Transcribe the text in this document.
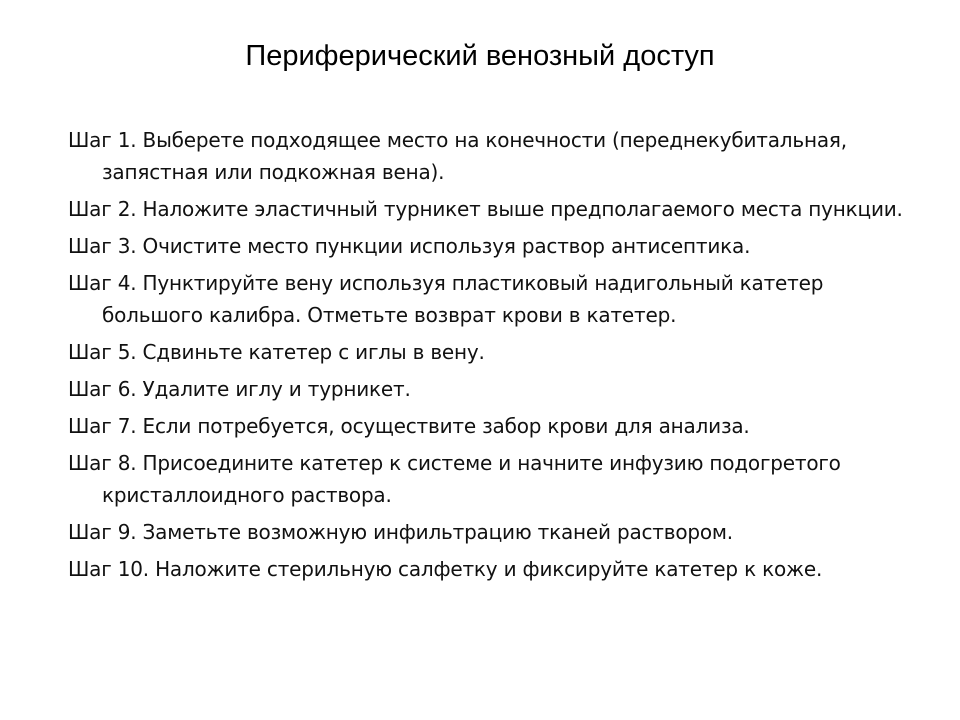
Периферический венозный доступ
Шаг 1. Выберете подходящее место на конечности (переднекубитальная, запястная или подкожная вена).
Шаг 2. Наложите эластичный турникет выше предполагаемого места пункции.
Шаг 3. Очистите место пункции используя раствор антисептика.
Шаг 4. Пунктируйте вену используя пластиковый надигольный катетер большого калибра. Отметьте возврат крови в катетер.
Шаг 5. Сдвиньте катетер с иглы в вену.
Шаг 6. Удалите иглу и турникет.
Шаг 7. Если потребуется, осуществите забор крови для анализа.
Шаг 8. Присоедините катетер к системе и начните инфузию подогретого кристаллоидного раствора.
Шаг 9. Заметьте возможную инфильтрацию тканей раствором.
Шаг 10. Наложите стерильную салфетку и фиксируйте катетер к коже.
